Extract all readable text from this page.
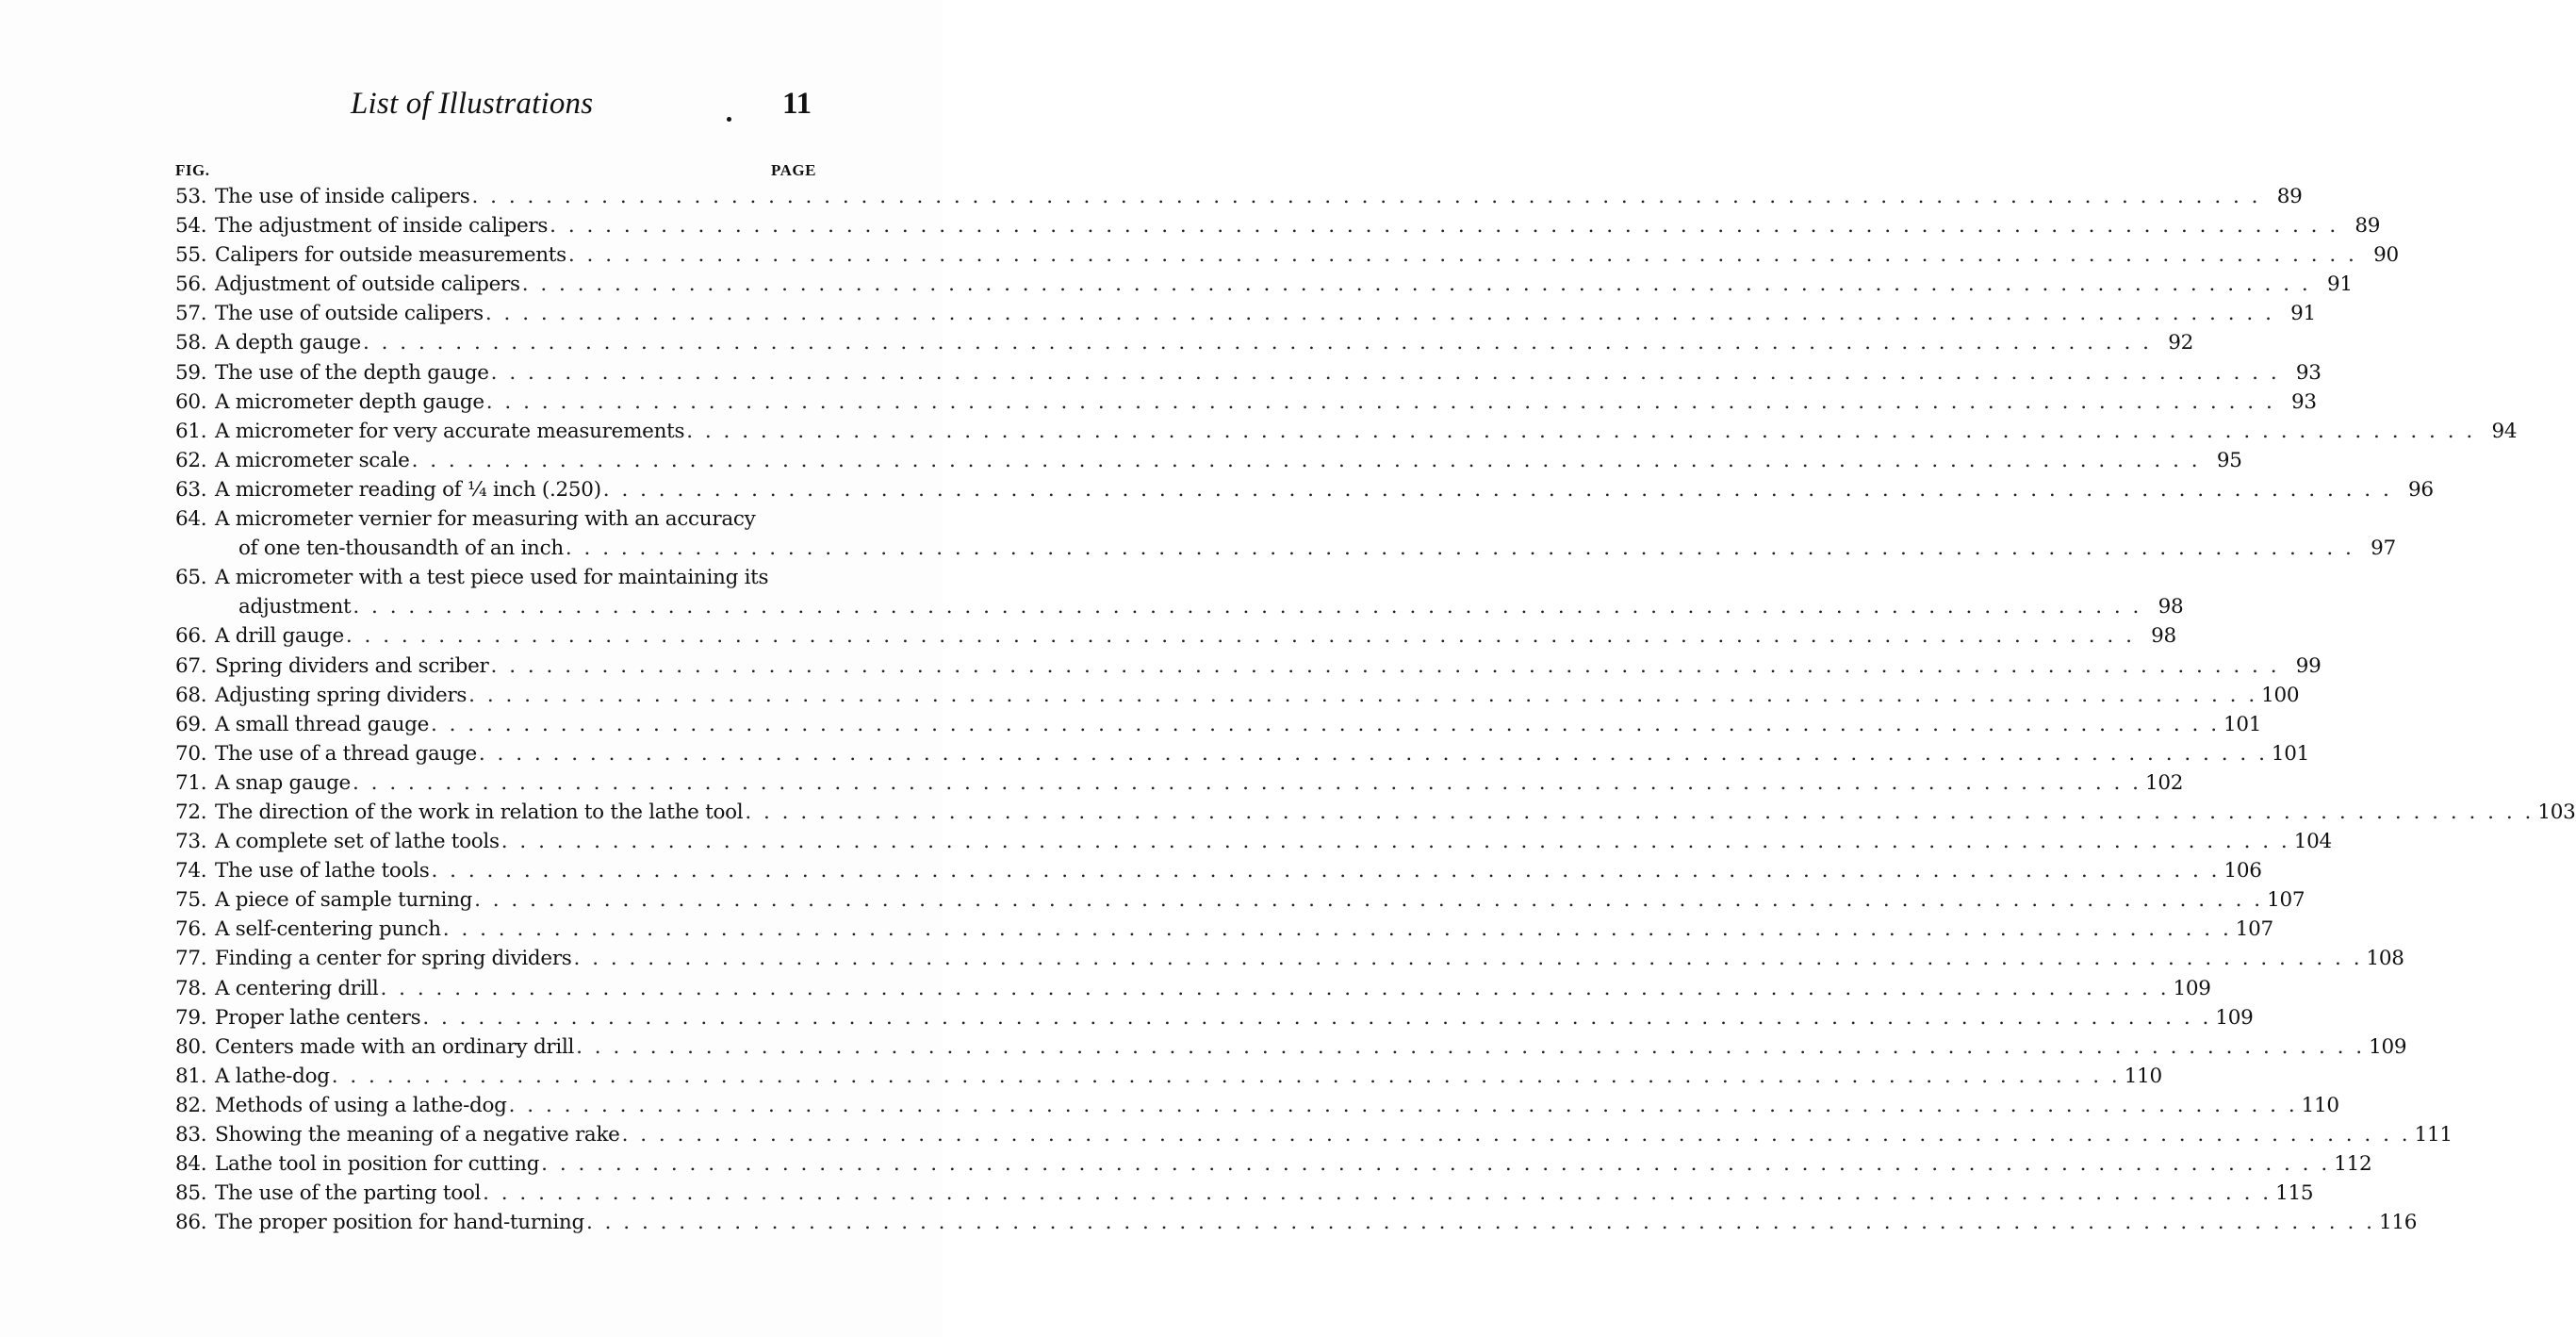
List of Illustrations	11
FIG.	PAGE
53. The use of inside calipers . . . . . . . . . . . . . . . . . . . . . . . . . . . . . . . . . . . . . . . . . . . . . . . . . . . . . . . . . . . . . . . . . . . . . . . . . . . . . . . . . . . . . . . . . . . . . . . . . 89
54. The adjustment of inside calipers . . . . . . . . . . . . . . . . . . . . . . . . . . . . . . . . . . . . . . . . . . . . . . . . . . . . . . . . . . . . . . . . . . . . . . . . . . . . . . . . . . . . . . . . . . . . . . . . . 89
55. Calipers for outside measurements . . . . . . . . . . . . . . . . . . . . . . . . . . . . . . . . . . . . . . . . . . . . . . . . . . . . . . . . . . . . . . . . . . . . . . . . . . . . . . . . . . . . . . . . . . . . . . . . . 90
56. Adjustment of outside calipers . . . . . . . . . . . . . . . . . . . . . . . . . . . . . . . . . . . . . . . . . . . . . . . . . . . . . . . . . . . . . . . . . . . . . . . . . . . . . . . . . . . . . . . . . . . . . . . . . 91
57. The use of outside calipers . . . . . . . . . . . . . . . . . . . . . . . . . . . . . . . . . . . . . . . . . . . . . . . . . . . . . . . . . . . . . . . . . . . . . . . . . . . . . . . . . . . . . . . . . . . . . . . . . 91
58. A depth gauge . . . . . . . . . . . . . . . . . . . . . . . . . . . . . . . . . . . . . . . . . . . . . . . . . . . . . . . . . . . . . . . . . . . . . . . . . . . . . . . . . . . . . . . . . . . . . . . . . 92
59. The use of the depth gauge . . . . . . . . . . . . . . . . . . . . . . . . . . . . . . . . . . . . . . . . . . . . . . . . . . . . . . . . . . . . . . . . . . . . . . . . . . . . . . . . . . . . . . . . . . . . . . . . . 93
60. A micrometer depth gauge . . . . . . . . . . . . . . . . . . . . . . . . . . . . . . . . . . . . . . . . . . . . . . . . . . . . . . . . . . . . . . . . . . . . . . . . . . . . . . . . . . . . . . . . . . . . . . . . . 93
61. A micrometer for very accurate measurements . . . . . . . . . . . . . . . . . . . . . . . . . . . . . . . . . . . . . . . . . . . . . . . . . . . . . . . . . . . . . . . . . . . . . . . . . . . . . . . . . . . . . . . . . . . . . . . . . 94
62. A micrometer scale . . . . . . . . . . . . . . . . . . . . . . . . . . . . . . . . . . . . . . . . . . . . . . . . . . . . . . . . . . . . . . . . . . . . . . . . . . . . . . . . . . . . . . . . . . . . . . . . . 95
63. A micrometer reading of ¼ inch (.250) . . . . . . . . . . . . . . . . . . . . . . . . . . . . . . . . . . . . . . . . . . . . . . . . . . . . . . . . . . . . . . . . . . . . . . . . . . . . . . . . . . . . . . . . . . . . . . . . . 96
64. A micrometer vernier for measuring with an accuracy
of one ten-thousandth of an inch . . . . . . . . . . . . . . . . . . . . . . . . . . . . . . . . . . . . . . . . . . . . . . . . . . . . . . . . . . . . . . . . . . . . . . . . . . . . . . . . . . . . . . . . . . . . . . . . . 97
65. A micrometer with a test piece used for maintaining its
adjustment . . . . . . . . . . . . . . . . . . . . . . . . . . . . . . . . . . . . . . . . . . . . . . . . . . . . . . . . . . . . . . . . . . . . . . . . . . . . . . . . . . . . . . . . . . . . . . . . . 98
66. A drill gauge . . . . . . . . . . . . . . . . . . . . . . . . . . . . . . . . . . . . . . . . . . . . . . . . . . . . . . . . . . . . . . . . . . . . . . . . . . . . . . . . . . . . . . . . . . . . . . . . . 98
67. Spring dividers and scriber . . . . . . . . . . . . . . . . . . . . . . . . . . . . . . . . . . . . . . . . . . . . . . . . . . . . . . . . . . . . . . . . . . . . . . . . . . . . . . . . . . . . . . . . . . . . . . . . . 99
68. Adjusting spring dividers . . . . . . . . . . . . . . . . . . . . . . . . . . . . . . . . . . . . . . . . . . . . . . . . . . . . . . . . . . . . . . . . . . . . . . . . . . . . . . . . . . . . . . . . . . . . . . . . . 100
69. A small thread gauge . . . . . . . . . . . . . . . . . . . . . . . . . . . . . . . . . . . . . . . . . . . . . . . . . . . . . . . . . . . . . . . . . . . . . . . . . . . . . . . . . . . . . . . . . . . . . . . . . 101
70. The use of a thread gauge . . . . . . . . . . . . . . . . . . . . . . . . . . . . . . . . . . . . . . . . . . . . . . . . . . . . . . . . . . . . . . . . . . . . . . . . . . . . . . . . . . . . . . . . . . . . . . . . . 101
71. A snap gauge . . . . . . . . . . . . . . . . . . . . . . . . . . . . . . . . . . . . . . . . . . . . . . . . . . . . . . . . . . . . . . . . . . . . . . . . . . . . . . . . . . . . . . . . . . . . . . . . . 102
72. The direction of the work in relation to the lathe tool . . . . . . . . . . . . . . . . . . . . . . . . . . . . . . . . . . . . . . . . . . . . . . . . . . . . . . . . . . . . . . . . . . . . . . . . . . . . . . . . . . . . . . . . . . . . . . . . . 103
73. A complete set of lathe tools . . . . . . . . . . . . . . . . . . . . . . . . . . . . . . . . . . . . . . . . . . . . . . . . . . . . . . . . . . . . . . . . . . . . . . . . . . . . . . . . . . . . . . . . . . . . . . . . . 104
74. The use of lathe tools . . . . . . . . . . . . . . . . . . . . . . . . . . . . . . . . . . . . . . . . . . . . . . . . . . . . . . . . . . . . . . . . . . . . . . . . . . . . . . . . . . . . . . . . . . . . . . . . . 106
75. A piece of sample turning . . . . . . . . . . . . . . . . . . . . . . . . . . . . . . . . . . . . . . . . . . . . . . . . . . . . . . . . . . . . . . . . . . . . . . . . . . . . . . . . . . . . . . . . . . . . . . . . . 107
76. A self-centering punch . . . . . . . . . . . . . . . . . . . . . . . . . . . . . . . . . . . . . . . . . . . . . . . . . . . . . . . . . . . . . . . . . . . . . . . . . . . . . . . . . . . . . . . . . . . . . . . . . 107
77. Finding a center for spring dividers . . . . . . . . . . . . . . . . . . . . . . . . . . . . . . . . . . . . . . . . . . . . . . . . . . . . . . . . . . . . . . . . . . . . . . . . . . . . . . . . . . . . . . . . . . . . . . . . . 108
78. A centering drill . . . . . . . . . . . . . . . . . . . . . . . . . . . . . . . . . . . . . . . . . . . . . . . . . . . . . . . . . . . . . . . . . . . . . . . . . . . . . . . . . . . . . . . . . . . . . . . . . 109
79. Proper lathe centers . . . . . . . . . . . . . . . . . . . . . . . . . . . . . . . . . . . . . . . . . . . . . . . . . . . . . . . . . . . . . . . . . . . . . . . . . . . . . . . . . . . . . . . . . . . . . . . . . 109
80. Centers made with an ordinary drill . . . . . . . . . . . . . . . . . . . . . . . . . . . . . . . . . . . . . . . . . . . . . . . . . . . . . . . . . . . . . . . . . . . . . . . . . . . . . . . . . . . . . . . . . . . . . . . . . 109
81. A lathe-dog . . . . . . . . . . . . . . . . . . . . . . . . . . . . . . . . . . . . . . . . . . . . . . . . . . . . . . . . . . . . . . . . . . . . . . . . . . . . . . . . . . . . . . . . . . . . . . . . . 110
82. Methods of using a lathe-dog . . . . . . . . . . . . . . . . . . . . . . . . . . . . . . . . . . . . . . . . . . . . . . . . . . . . . . . . . . . . . . . . . . . . . . . . . . . . . . . . . . . . . . . . . . . . . . . . . 110
83. Showing the meaning of a negative rake . . . . . . . . . . . . . . . . . . . . . . . . . . . . . . . . . . . . . . . . . . . . . . . . . . . . . . . . . . . . . . . . . . . . . . . . . . . . . . . . . . . . . . . . . . . . . . . . . 111
84. Lathe tool in position for cutting . . . . . . . . . . . . . . . . . . . . . . . . . . . . . . . . . . . . . . . . . . . . . . . . . . . . . . . . . . . . . . . . . . . . . . . . . . . . . . . . . . . . . . . . . . . . . . . . . 112
85. The use of the parting tool . . . . . . . . . . . . . . . . . . . . . . . . . . . . . . . . . . . . . . . . . . . . . . . . . . . . . . . . . . . . . . . . . . . . . . . . . . . . . . . . . . . . . . . . . . . . . . . . . 115
86. The proper position for hand-turning . . . . . . . . . . . . . . . . . . . . . . . . . . . . . . . . . . . . . . . . . . . . . . . . . . . . . . . . . . . . . . . . . . . . . . . . . . . . . . . . . . . . . . . . . . . . . . . . . 116
